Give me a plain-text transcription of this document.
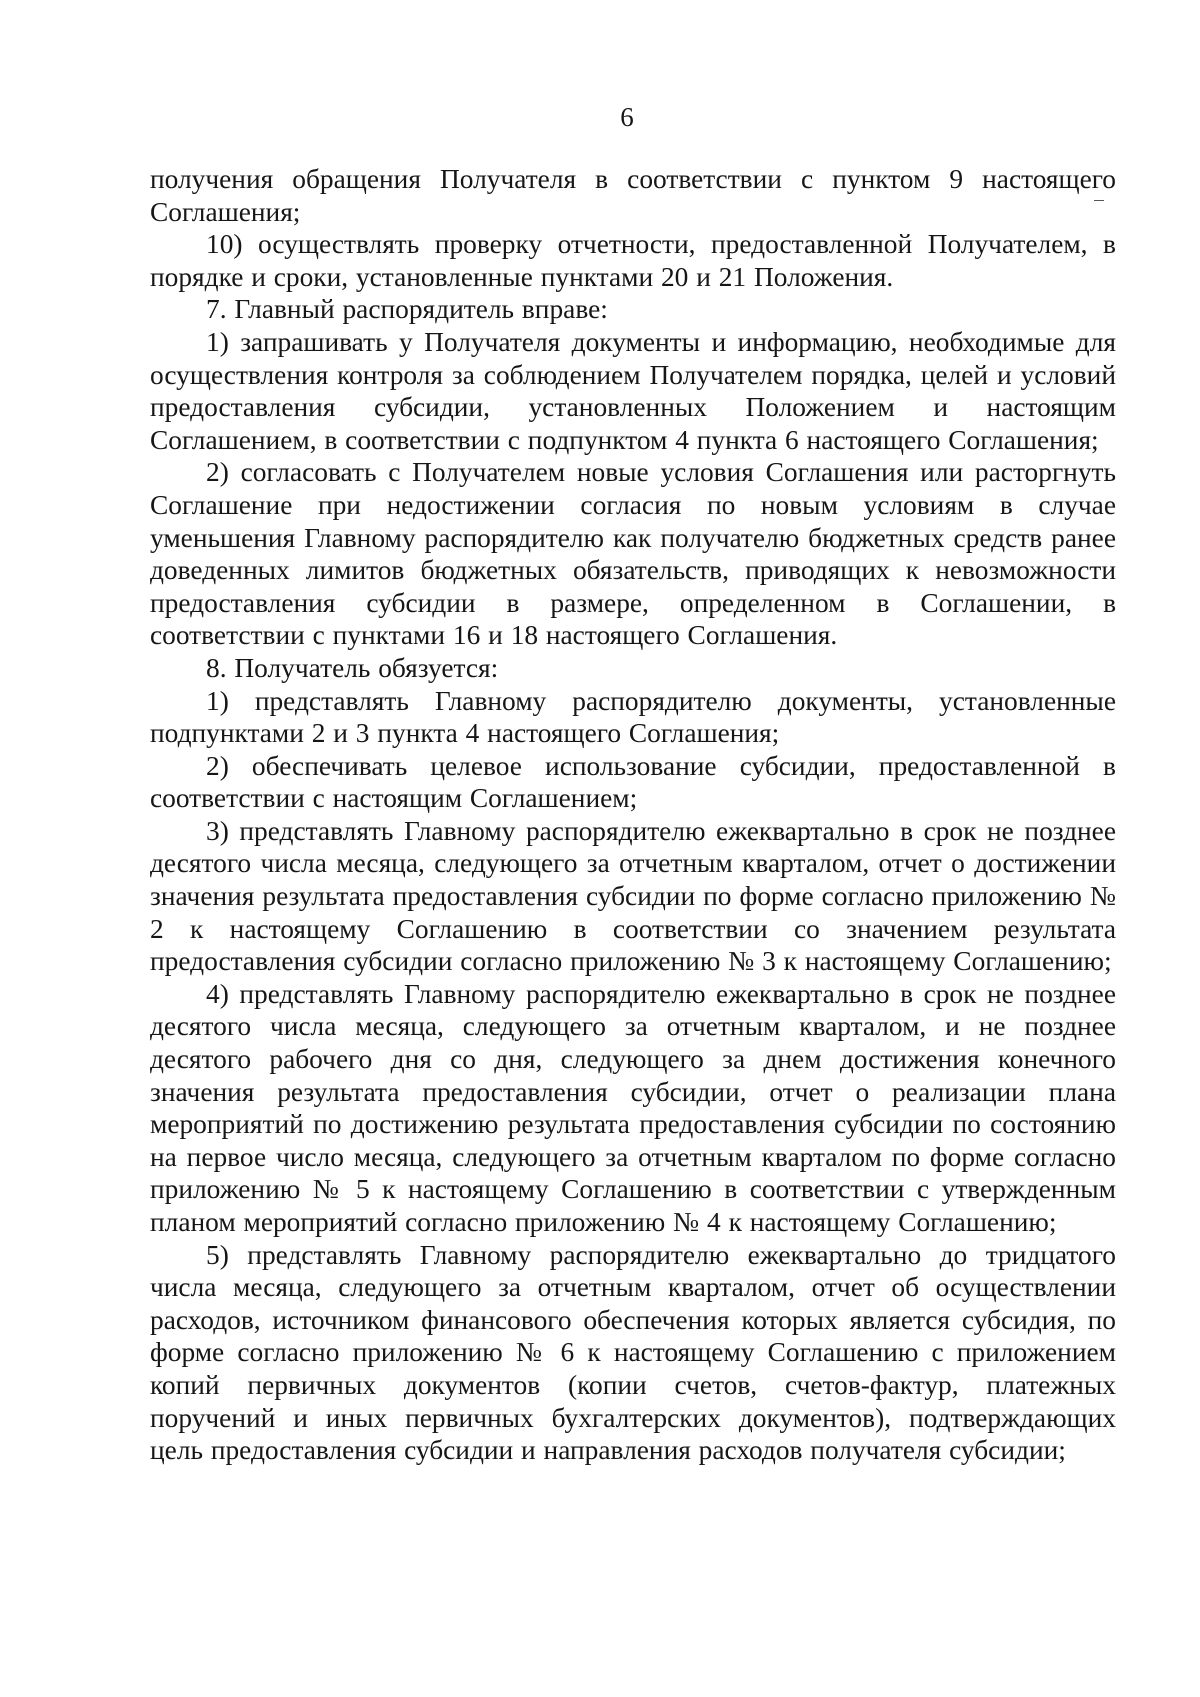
6

получения обращения Получателя в соответствии с пунктом 9 настоящего Соглашения;

10) осуществлять проверку отчетности, предоставленной Получателем, в порядке и сроки, установленные пунктами 20 и 21 Положения.

7. Главный распорядитель вправе:

1) запрашивать у Получателя документы и информацию, необходимые для осуществления контроля за соблюдением Получателем порядка, целей и условий предоставления субсидии, установленных Положением и настоящим Соглашением, в соответствии с подпунктом 4 пункта 6 настоящего Соглашения;

2) согласовать с Получателем новые условия Соглашения или расторгнуть Соглашение при недостижении согласия по новым условиям в случае уменьшения Главному распорядителю как получателю бюджетных средств ранее доведенных лимитов бюджетных обязательств, приводящих к невозможности предоставления субсидии в размере, определенном в Соглашении, в соответствии с пунктами 16 и 18 настоящего Соглашения.

8. Получатель обязуется:

1) представлять Главному распорядителю документы, установленные подпунктами 2 и 3 пункта 4 настоящего Соглашения;

2) обеспечивать целевое использование субсидии, предоставленной в соответствии с настоящим Соглашением;

3) представлять Главному распорядителю ежеквартально в срок не позднее десятого числа месяца, следующего за отчетным кварталом, отчет о достижении значения результата предоставления субсидии по форме согласно приложению № 2 к настоящему Соглашению в соответствии со значением результата предоставления субсидии согласно приложению № 3 к настоящему Соглашению;

4) представлять Главному распорядителю ежеквартально в срок не позднее десятого числа месяца, следующего за отчетным кварталом, и не позднее десятого рабочего дня со дня, следующего за днем достижения конечного значения результата предоставления субсидии, отчет о реализации плана мероприятий по достижению результата предоставления субсидии по состоянию на первое число месяца, следующего за отчетным кварталом по форме согласно приложению № 5 к настоящему Соглашению в соответствии с утвержденным планом мероприятий согласно приложению № 4 к настоящему Соглашению;

5) представлять Главному распорядителю ежеквартально до тридцатого числа месяца, следующего за отчетным кварталом, отчет об осуществлении расходов, источником финансового обеспечения которых является субсидия, по форме согласно приложению № 6 к настоящему Соглашению с приложением копий первичных документов (копии счетов, счетов-фактур, платежных поручений и иных первичных бухгалтерских документов), подтверждающих цель предоставления субсидии и направления расходов получателя субсидии;
